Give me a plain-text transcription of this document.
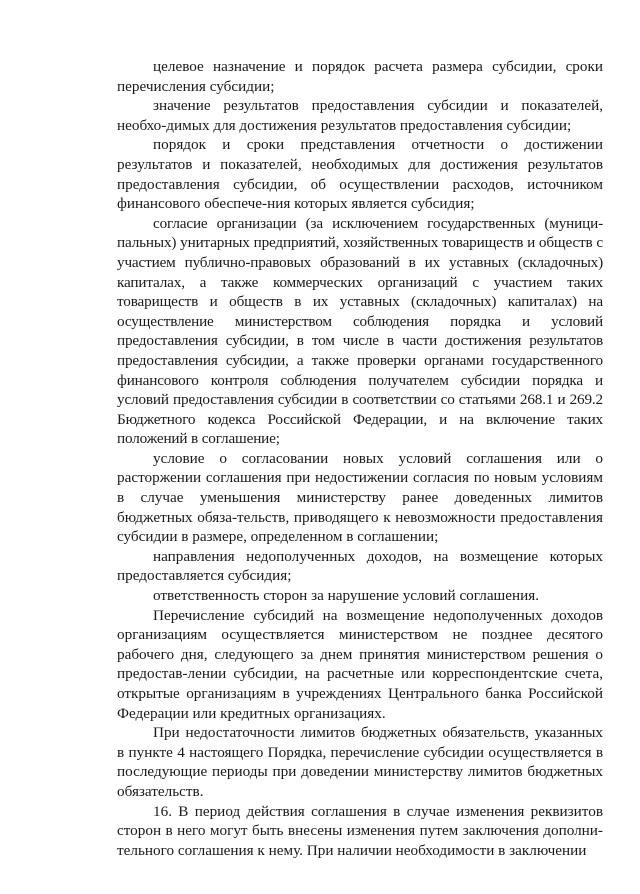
целевое назначение и порядок расчета размера субсидии, сроки перечисления субсидии;

значение результатов предоставления субсидии и показателей, необхо-димых для достижения результатов предоставления субсидии;

порядок и сроки представления отчетности о достижении результатов и показателей, необходимых для достижения результатов предоставления субсидии, об осуществлении расходов, источником финансового обеспече-ния которых является субсидия;

согласие организации (за исключением государственных (муници-пальных) унитарных предприятий, хозяйственных товариществ и обществ с участием публично-правовых образований в их уставных (складочных) капиталах, а также коммерческих организаций с участием таких товариществ и обществ в их уставных (складочных) капиталах) на осуществление министерством соблюдения порядка и условий предоставления субсидии, в том числе в части достижения результатов предоставления субсидии, а также проверки органами государственного финансового контроля соблюдения получателем субсидии порядка и условий предоставления субсидии в соответствии со статьями 268.1 и 269.2 Бюджетного кодекса Российской Федерации, и на включение таких положений в соглашение;

условие о согласовании новых условий соглашения или о расторжении соглашения при недостижении согласия по новым условиям в случае уменьшения министерству ранее доведенных лимитов бюджетных обяза-тельств, приводящего к невозможности предоставления субсидии в размере, определенном в соглашении;

направления недополученных доходов, на возмещение которых предоставляется субсидия;

ответственность сторон за нарушение условий соглашения.

Перечисление субсидий на возмещение недополученных доходов организациям осуществляется министерством не позднее десятого рабочего дня, следующего за днем принятия министерством решения о предостав-лении субсидии, на расчетные или корреспондентские счета, открытые организациям в учреждениях Центрального банка Российской Федерации или кредитных организациях.

При недостаточности лимитов бюджетных обязательств, указанных в пункте 4 настоящего Порядка, перечисление субсидии осуществляется в последующие периоды при доведении министерству лимитов бюджетных обязательств.

16. В период действия соглашения в случае изменения реквизитов сторон в него могут быть внесены изменения путем заключения дополни-тельного соглашения к нему. При наличии необходимости в заключении
